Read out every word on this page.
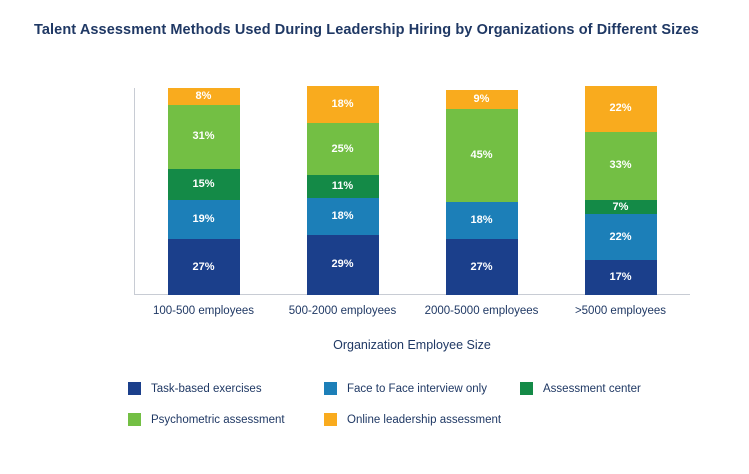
Talent Assessment Methods Used During Leadership Hiring by Organizations of Different Sizes
8%
31%
15%
19%
27%
18%
25%
11%
18%
29%
9%
45%
18%
27%
22%
33%
7%
22%
17%
Organization Employee Size
Task-based exercises	Face to Face interview only	Assessment center
Psychometric assessment	Online leadership assessment
100-500 employees	500-2000 employees	2000-5000 employees	>5000 employees
